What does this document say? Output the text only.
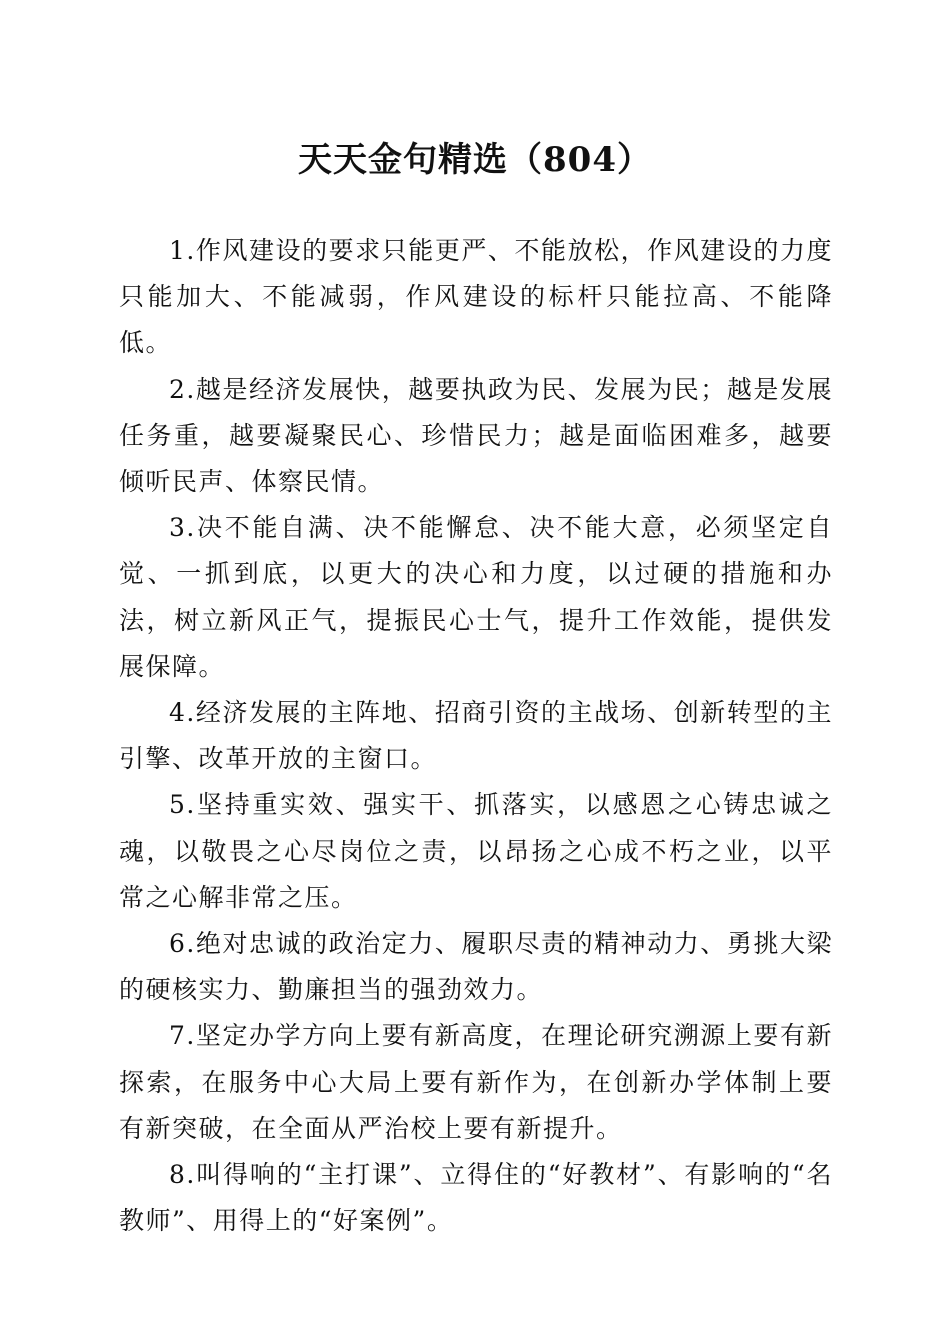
天天金句精选（804）

1.作风建设的要求只能更严、不能放松，作风建设的力度只能加大、不能减弱，作风建设的标杆只能拉高、不能降低。

2.越是经济发展快，越要执政为民、发展为民；越是发展任务重，越要凝聚民心、珍惜民力；越是面临困难多，越要倾听民声、体察民情。

3.决不能自满、决不能懈怠、决不能大意，必须坚定自觉、一抓到底，以更大的决心和力度，以过硬的措施和办法，树立新风正气，提振民心士气，提升工作效能，提供发展保障。

4.经济发展的主阵地、招商引资的主战场、创新转型的主引擎、改革开放的主窗口。

5.坚持重实效、强实干、抓落实，以感恩之心铸忠诚之魂，以敬畏之心尽岗位之责，以昂扬之心成不朽之业，以平常之心解非常之压。

6.绝对忠诚的政治定力、履职尽责的精神动力、勇挑大梁的硬核实力、勤廉担当的强劲效力。

7.坚定办学方向上要有新高度，在理论研究溯源上要有新探索，在服务中心大局上要有新作为，在创新办学体制上要有新突破，在全面从严治校上要有新提升。

8.叫得响的“主打课”、立得住的“好教材”、有影响的“名教师”、用得上的“好案例”。
